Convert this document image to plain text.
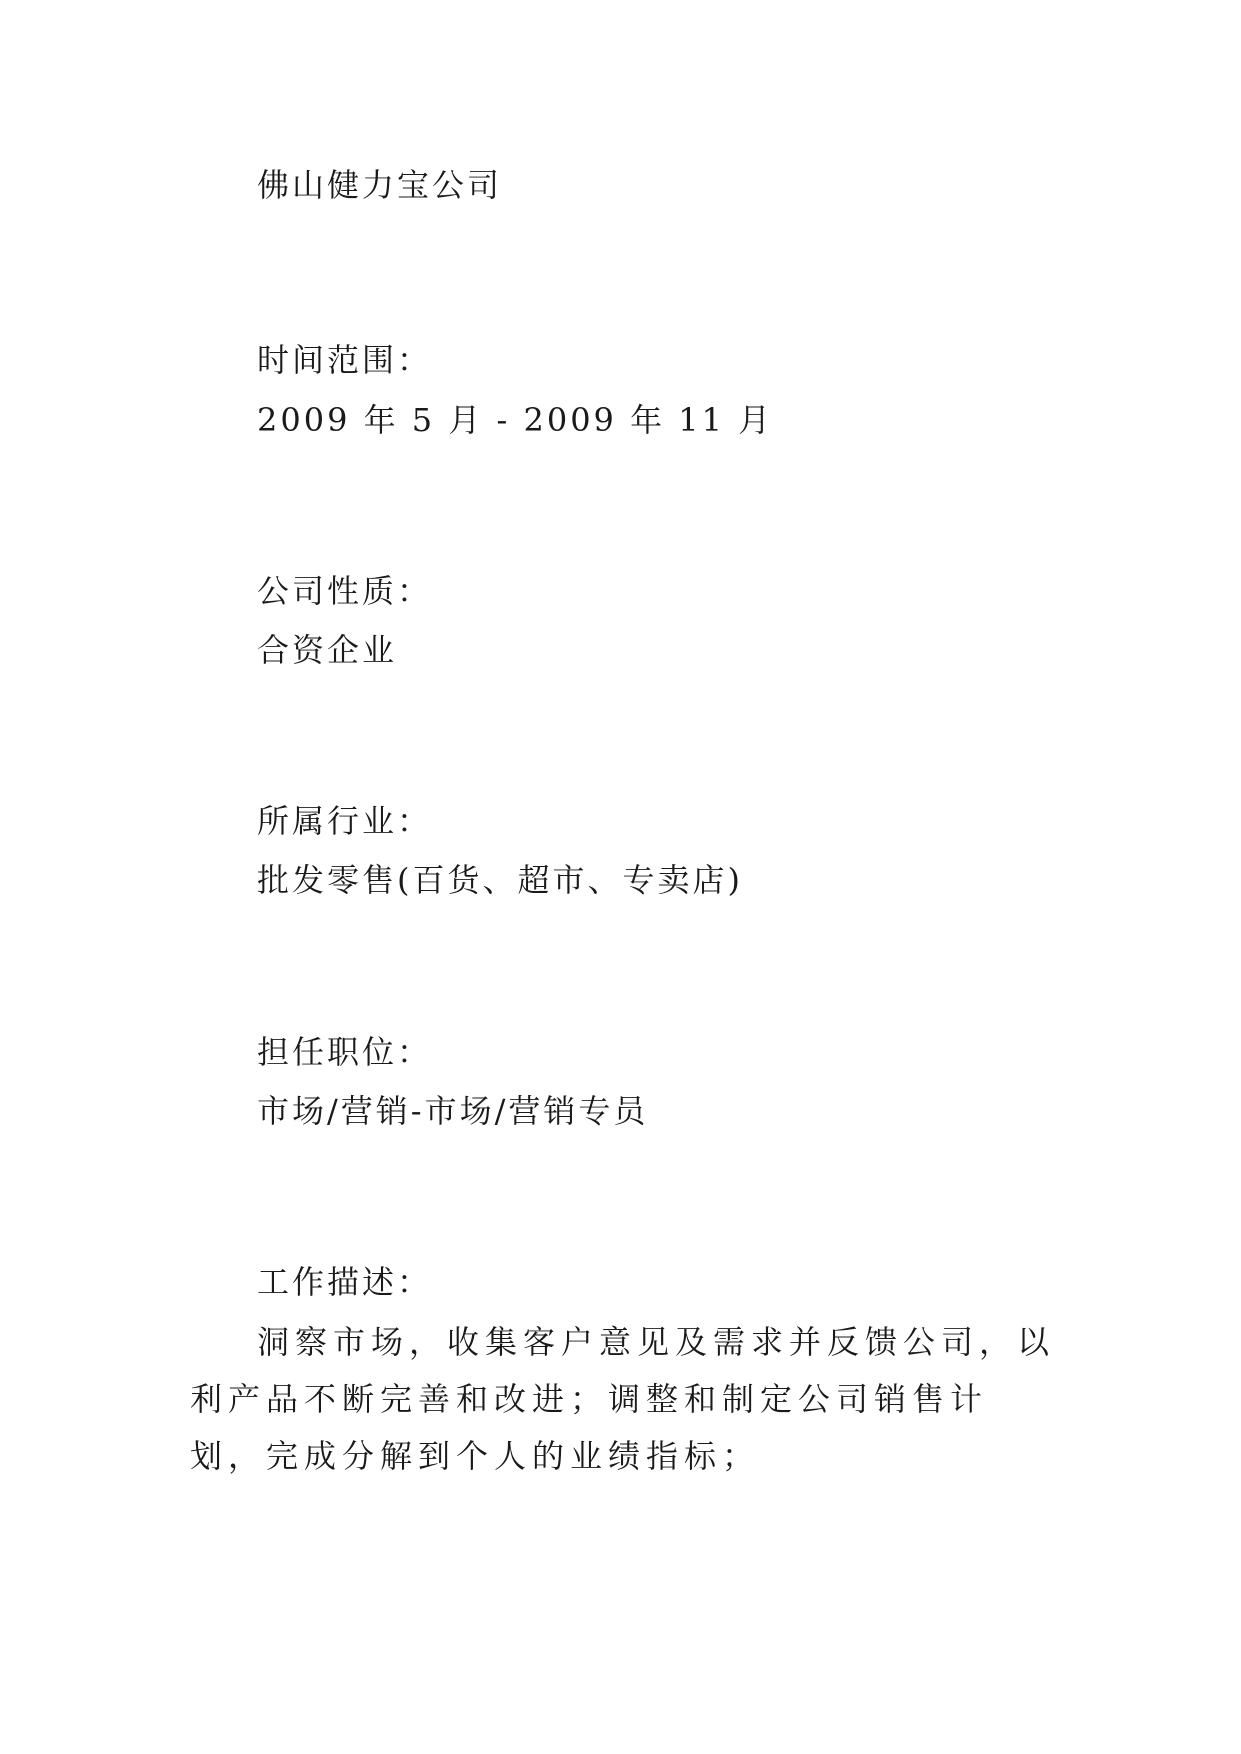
佛山健力宝公司
时间范围：
2009 年 5 月 - 2009 年 11 月
公司性质：
合资企业
所属行业：
批发零售(百货、超市、专卖店)
担任职位：
市场/营销-市场/营销专员
工作描述：
洞察市场，收集客户意见及需求并反馈公司，以利产品不断完善和改进；调整和制定公司销售计划，完成分解到个人的业绩指标；
